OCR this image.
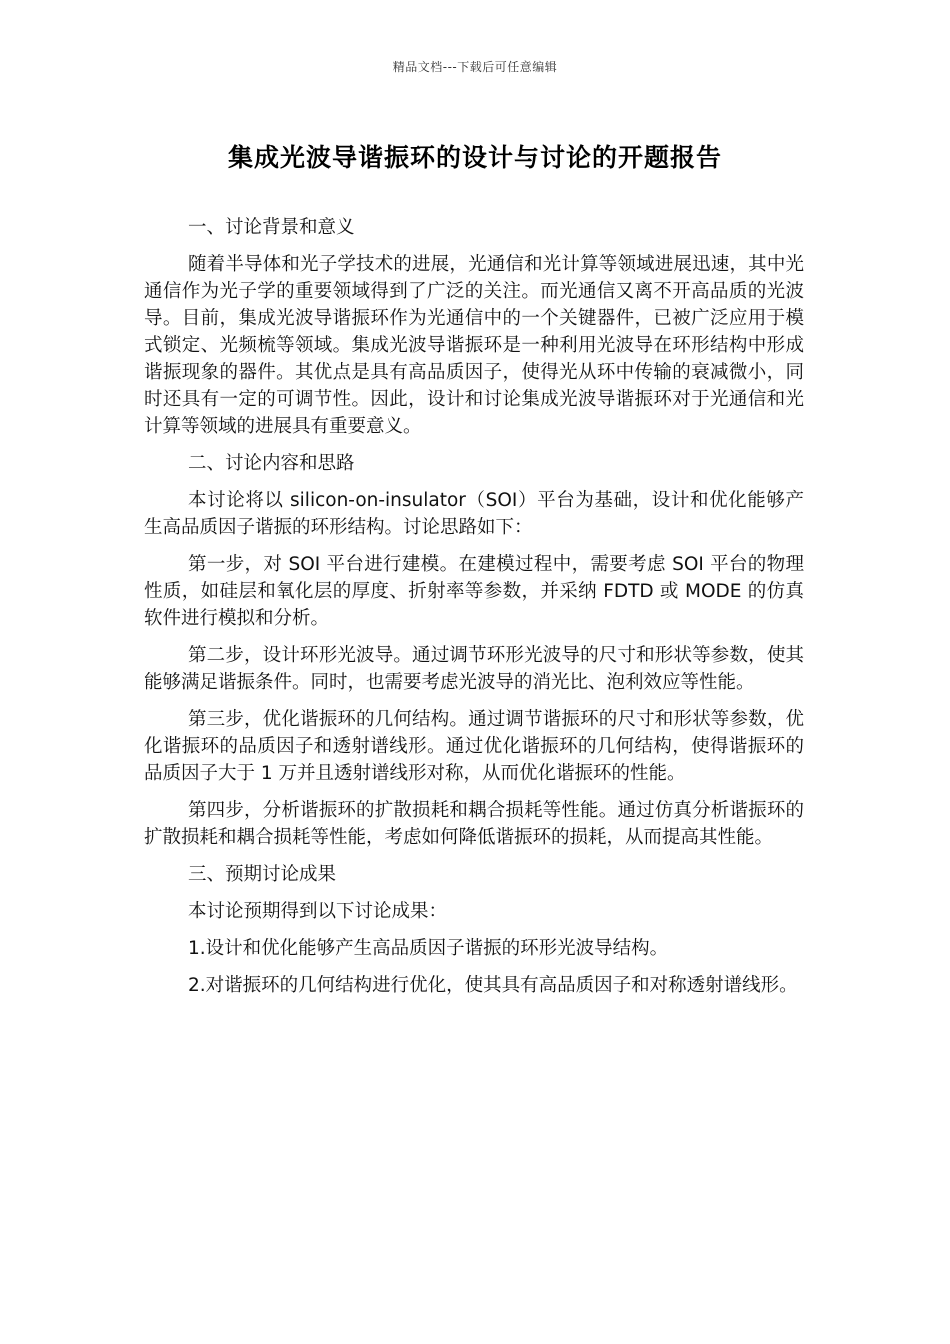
精品文档---下载后可任意编辑
集成光波导谐振环的设计与讨论的开题报告

一、讨论背景和意义

随着半导体和光子学技术的进展，光通信和光计算等领域进展迅速，其中光通信作为光子学的重要领域得到了广泛的关注。而光通信又离不开高品质的光波导。目前，集成光波导谐振环作为光通信中的一个关键器件，已被广泛应用于模式锁定、光频梳等领域。集成光波导谐振环是一种利用光波导在环形结构中形成谐振现象的器件。其优点是具有高品质因子，使得光从环中传输的衰减微小，同时还具有一定的可调节性。因此，设计和讨论集成光波导谐振环对于光通信和光计算等领域的进展具有重要意义。

二、讨论内容和思路

本讨论将以 silicon-on-insulator（SOI）平台为基础，设计和优化能够产生高品质因子谐振的环形结构。讨论思路如下：

第一步，对 SOI 平台进行建模。在建模过程中，需要考虑 SOI 平台的物理性质，如硅层和氧化层的厚度、折射率等参数，并采纳 FDTD 或 MODE 的仿真软件进行模拟和分析。

第二步，设计环形光波导。通过调节环形光波导的尺寸和形状等参数，使其能够满足谐振条件。同时，也需要考虑光波导的消光比、泡利效应等性能。

第三步，优化谐振环的几何结构。通过调节谐振环的尺寸和形状等参数，优化谐振环的品质因子和透射谱线形。通过优化谐振环的几何结构，使得谐振环的品质因子大于 1 万并且透射谱线形对称，从而优化谐振环的性能。

第四步，分析谐振环的扩散损耗和耦合损耗等性能。通过仿真分析谐振环的扩散损耗和耦合损耗等性能，考虑如何降低谐振环的损耗，从而提高其性能。

三、预期讨论成果

本讨论预期得到以下讨论成果：

1.设计和优化能够产生高品质因子谐振的环形光波导结构。

2.对谐振环的几何结构进行优化，使其具有高品质因子和对称透射谱线形。
